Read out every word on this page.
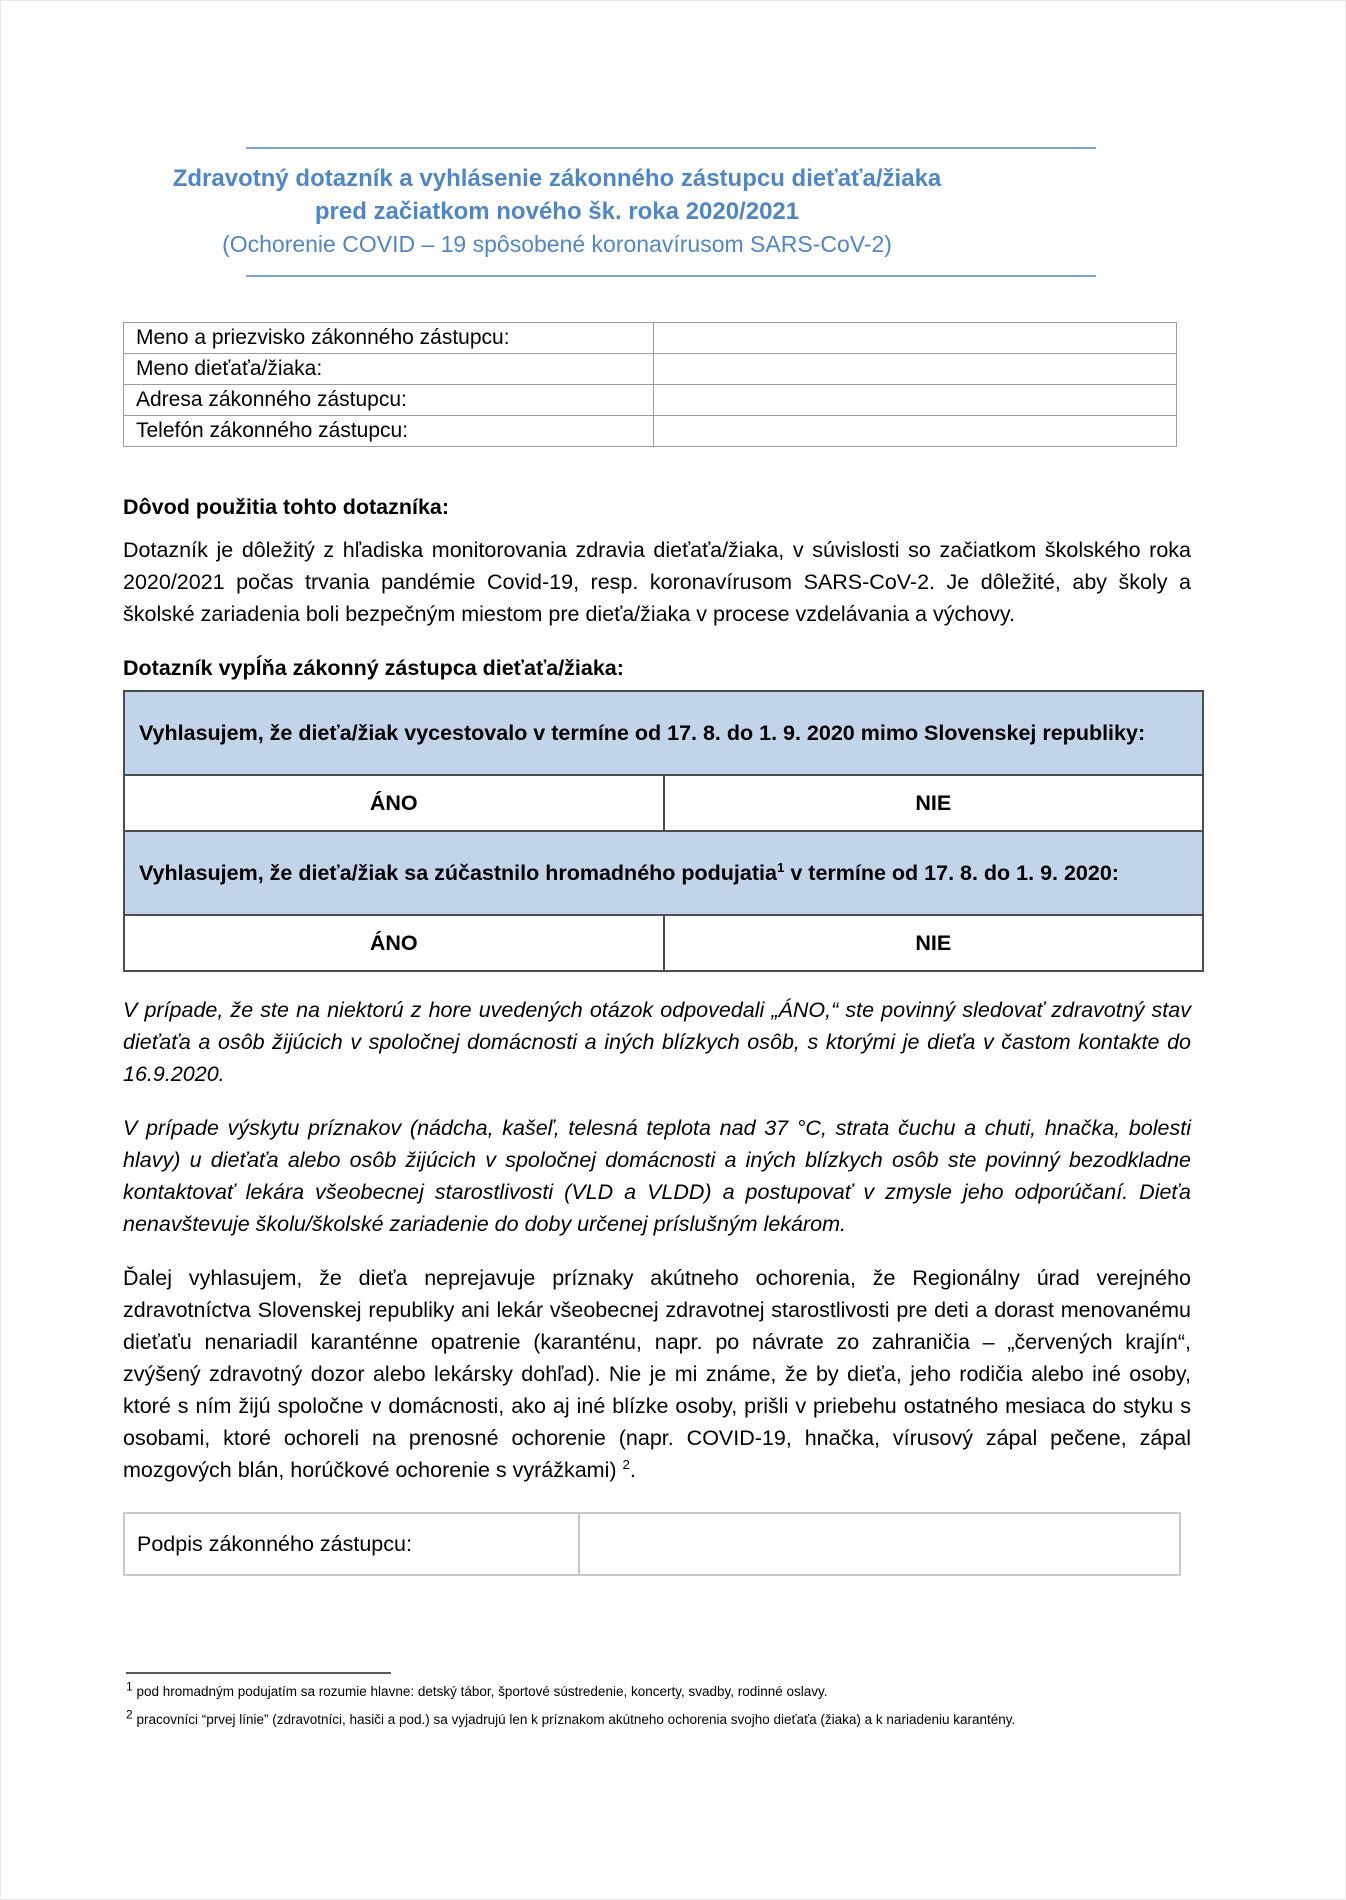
Zdravotný dotazník a vyhlásenie zákonného zástupcu dieťaťa/žiaka
pred začiatkom nového šk. roka 2020/2021
(Ochorenie COVID – 19 spôsobené koronavírusom SARS-CoV-2)
Meno a priezvisko zákonného zástupcu:	
Meno dieťaťa/žiaka:	
Adresa zákonného zástupcu:	
Telefón zákonného zástupcu:	
Dôvod použitia tohto dotazníka:
Dotazník je dôležitý z hľadiska monitorovania zdravia dieťaťa/žiaka, v súvislosti so začiatkom školského roka 2020/2021 počas trvania pandémie Covid-19, resp. koronavírusom SARS-CoV-2. Je dôležité, aby školy a školské zariadenia boli bezpečným miestom pre dieťa/žiaka v procese vzdelávania a výchovy.
Dotazník vypĺňa zákonný zástupca dieťaťa/žiaka:
Vyhlasujem, že dieťa/žiak vycestovalo v termíne od 17. 8. do 1. 9. 2020 mimo Slovenskej republiky:	
ÁNO	NIE
Vyhlasujem, že dieťa/žiak sa zúčastnilo hromadného podujatia$^1$ v termíne od 17. 8. do 1. 9. 2020:	
ÁNO	NIE
V prípade, že ste na niektorú z hore uvedených otázok odpovedali „ÁNO,“ ste povinný sledovať zdravotný stav dieťaťa a osôb žijúcich v spoločnej domácnosti a iných blízkych osôb, s ktorými je dieťa v častom kontakte do 16.9.2020.
V prípade výskytu príznakov (nádcha, kašeľ, telesná teplota nad 37 °C, strata čuchu a chuti, hnačka, bolesti hlavy) u dieťaťa alebo osôb žijúcich v spoločnej domácnosti a iných blízkych osôb ste povinný bezodkladne kontaktovať lekára všeobecnej starostlivosti (VLD a VLDD) a postupovať v zmysle jeho odporúčaní. Dieťa nenavštevuje školu/školské zariadenie do doby určenej príslušným lekárom.
Ďalej vyhlasujem, že dieťa neprejavuje príznaky akútneho ochorenia, že Regionálny úrad verejného zdravotníctva Slovenskej republiky ani lekár všeobecnej zdravotnej starostlivosti pre deti a dorast menovanému dieťaťu nenariadil karanténne opatrenie (karanténu, napr. po návrate zo zahraničia – „červených krajín“, zvýšený zdravotný dozor alebo lekársky dohľad). Nie je mi známe, že by dieťa, jeho rodičia alebo iné osoby, ktoré s ním žijú spoločne v domácnosti, ako aj iné blízke osoby, prišli v priebehu ostatného mesiaca do styku s osobami, ktoré ochoreli na prenosné ochorenie (napr. COVID-19, hnačka, vírusový zápal pečene, zápal mozgových blán, horúčkové ochorenie s vyrážkami) $^2$.
Podpis zákonného zástupcu:	
$^1$ pod hromadným podujatím sa rozumie hlavne: detský tábor, športové sústredenie, koncerty, svadby, rodinné oslavy.
$^2$ pracovníci “prvej línie” (zdravotníci, hasiči a pod.) sa vyjadrujú len k príznakom akútneho ochorenia svojho dieťaťa (žiaka) a k nariadeniu karantény.
